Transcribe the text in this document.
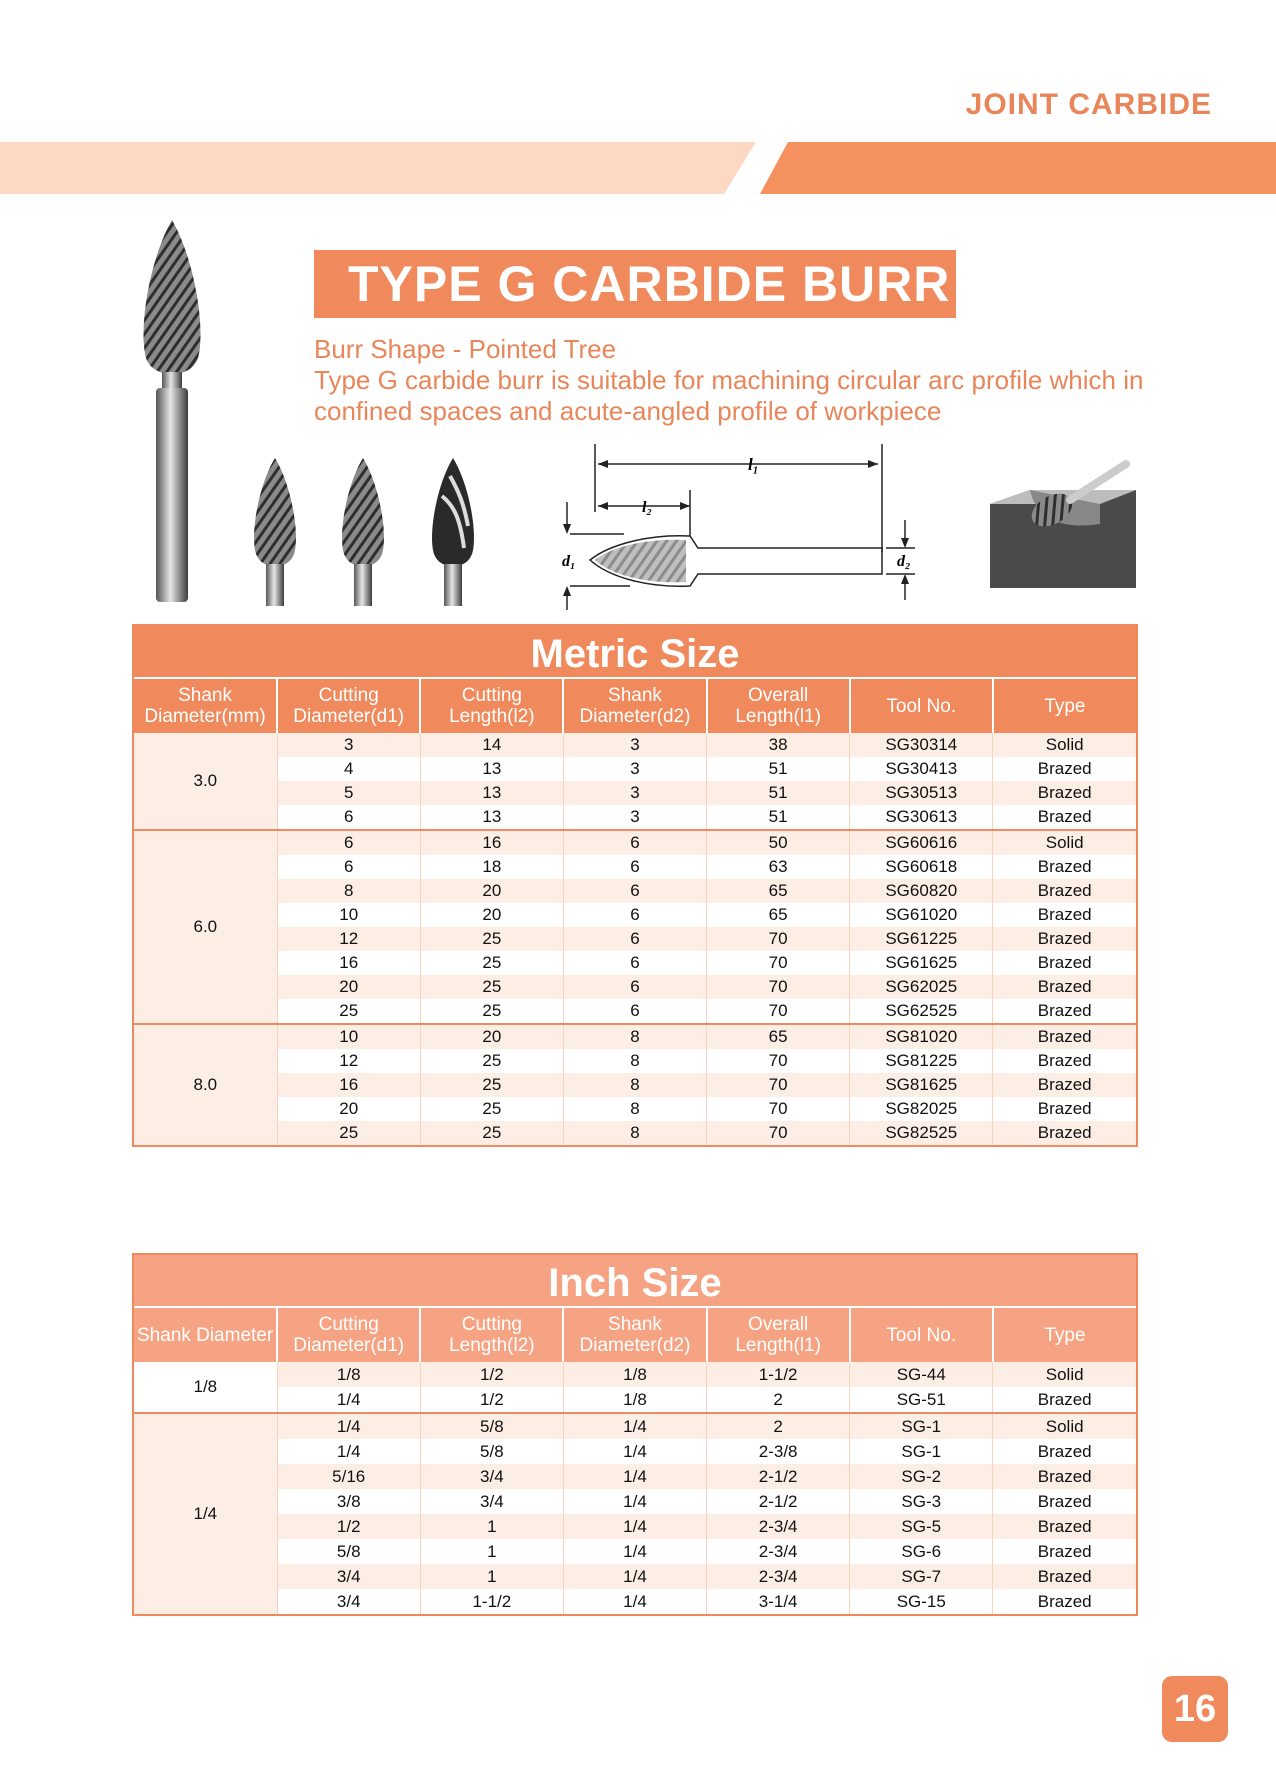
JOINT CARBIDE
l₁
l₂
d₁	d₂
TYPE G CARBIDE BURR
Burr Shape - Pointed Tree
Type G carbide burr is suitable for machining circular arc profile which in
confined spaces and acute-angled profile of workpiece
Metric Size
Shank Diameter(mm)	Cutting Diameter(d1)	Cutting Length(l2)	Shank Diameter(d2)	Overall Length(l1)	Tool No.	Type
3.0	3	14	3	38	SG30314	Solid
	4	13	3	51	SG30413	Brazed
	5	13	3	51	SG30513	Brazed
	6	13	3	51	SG30613	Brazed
6.0	6	16	6	50	SG60616	Solid
	6	18	6	63	SG60618	Brazed
	8	20	6	65	SG60820	Brazed
	10	20	6	65	SG61020	Brazed
	12	25	6	70	SG61225	Brazed
	16	25	6	70	SG61625	Brazed
	20	25	6	70	SG62025	Brazed
	25	25	6	70	SG62525	Brazed
8.0	10	20	8	65	SG81020	Brazed
	12	25	8	70	SG81225	Brazed
	16	25	8	70	SG81625	Brazed
	20	25	8	70	SG82025	Brazed
	25	25	8	70	SG82525	Brazed
Inch Size
Shank Diameter	Cutting Diameter(d1)	Cutting Length(l2)	Shank Diameter(d2)	Overall Length(l1)	Tool No.	Type
1/8	1/8	1/2	1/8	1-1/2	SG-44	Solid
	1/4	1/2	1/8	2	SG-51	Brazed
1/4	1/4	5/8	1/4	2	SG-1	Solid
	1/4	5/8	1/4	2-3/8	SG-1	Brazed
	5/16	3/4	1/4	2-1/2	SG-2	Brazed
	3/8	3/4	1/4	2-1/2	SG-3	Brazed
	1/2	1	1/4	2-3/4	SG-5	Brazed
	5/8	1	1/4	2-3/4	SG-6	Brazed
	3/4	1	1/4	2-3/4	SG-7	Brazed
	3/4	1-1/2	1/4	3-1/4	SG-15	Brazed
16
